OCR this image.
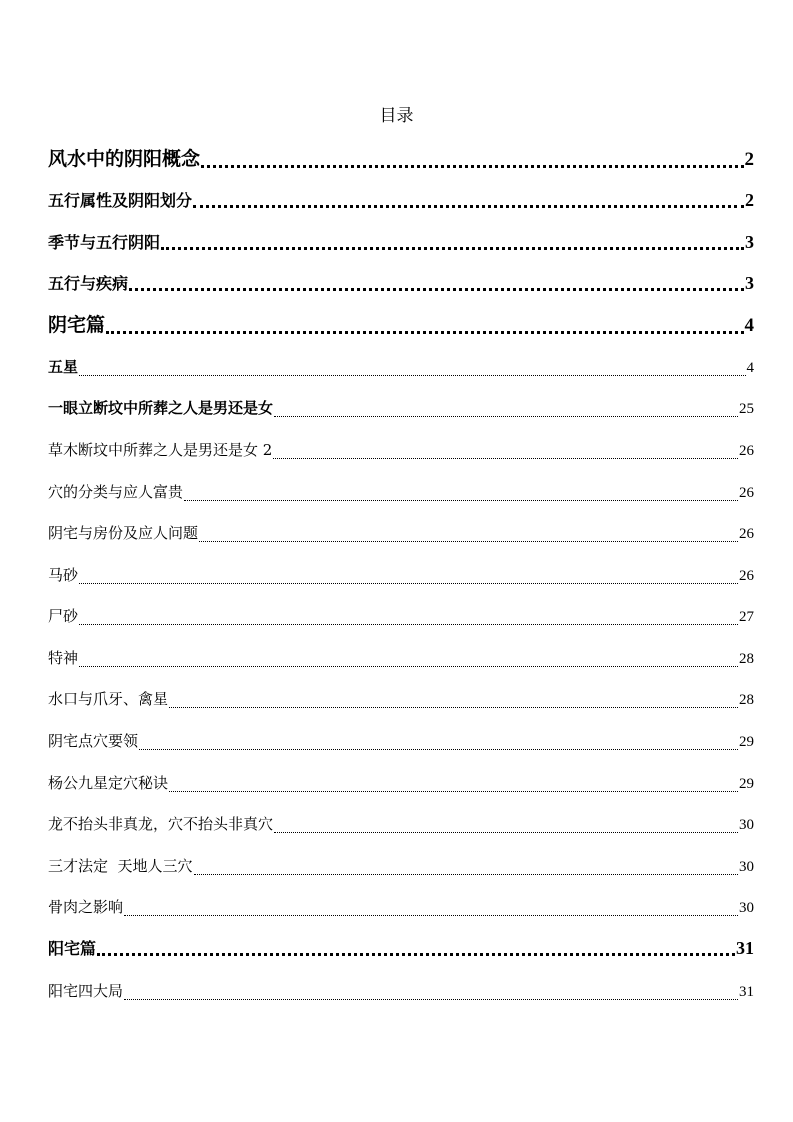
目录
风水中的阴阳概念	2
五行属性及阴阳划分	2
季节与五行阴阳	3
五行与疾病	3
阴宅篇	4
五星	4
一眼立断坟中所葬之人是男还是女	25
草木断坟中所葬之人是男还是女 2	26
穴的分类与应人富贵	26
阴宅与房份及应人问题	26
马砂	26
尸砂	27
特神	28
水口与爪牙、禽星	28
阴宅点穴要领	29
杨公九星定穴秘诀	29
龙不抬头非真龙，穴不抬头非真穴	30
三才法定  天地人三穴	30
骨肉之影响	30
阳宅篇	31
阳宅四大局	31
